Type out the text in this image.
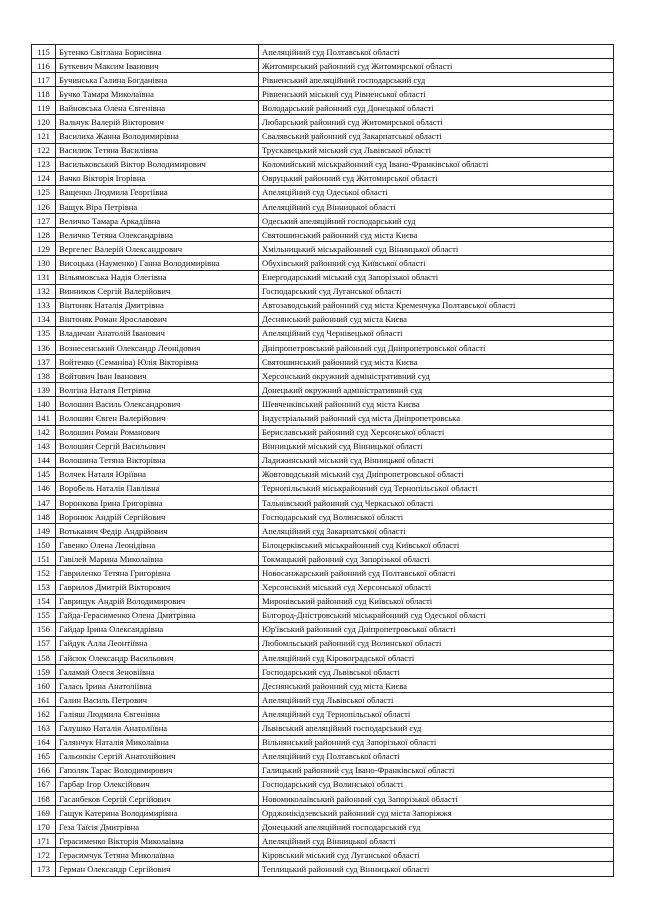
115	Бутенко Світлана Борисівна	Апеляційний суд Полтавської області
116	Буткевич Максим Іванович	Житомирський районний суд Житомирської області
117	Бучинська Галина Богданівна	Рівненський апеляційний господарський суд
118	Бучко Тамара Миколаївна	Рівненський міський суд Рівненської області
119	Вайновська Олена Євгенівна	Володарський районний суд Донецької області
120	Вальчук Валерій Вікторович	Любарський районний суд Житомирської області
121	Василиха Жанна Володимирівна	Свалявський районний суд Закарпатської області
122	Василюк Тетяна Василівна	Трускавецький міський суд Львівської області
123	Васильковський Віктор Володимирович	Коломийський міськрайонний суд Івано-Франківської області
124	Вачко Вікторія Ігорівна	Овруцький районний суд Житомирської області
125	Ващенко Людмила Георгіївна	Апеляційний суд Одеської області
126	Ващук Віра Петрівна	Апеляційний суд Вінницької області
127	Величко Тамара Аркадіївна	Одеський апеляційний господарський суд
128	Величко Тетяна Олександрівна	Святошинський районний суд міста Києва
129	Вергелес Валерій Олександрович	Хмільницький міськрайонний суд Вінницької області
130	Висоцька (Науменко) Ганна Володимирівна	Обухівський районний суд Київської області
131	Вільямовська Надія Олегівна	Енергодарський міський суд Запорізької області
132	Винников Сергій Валерійович	Господарський суд Луганської області
133	Вінтоняк Наталія Дмитрівна	Автозаводський районний суд міста Кременчука Полтавської області
134	Вінтоняк Роман Ярославович	Деснянський районний суд міста Києва
135	Владичан Анатолій Іванович	Апеляційний суд Чернівецької області
136	Вознесенський Олександр Леонідович	Дніпропетровський районний суд Дніпропетровської області
137	Войтенко (Семаніва) Юлія Вікторівна	Святошинський районний суд міста Києва
138	Войтович Іван Іванович	Херсонський окружний адміністративний суд
139	Волгіна Наталя Петрівна	Донецький окружний адміністративний суд
140	Волошин Василь Олександрович	Шевченківський районний суд міста Києва
141	Волошин Євген Валерійович	Індустріальний районний суд міста Дніпропетровська
142	Волошин Роман Романович	Бериславський районний суд Херсонської області
143	Волошин Сергій Васильович	Вінницький міський суд Вінницької області
144	Волошина Тетяна Вікторівна	Ладижинський міський суд Вінницької області
145	Волчек Наталя Юріївна	Жовтоводський міський суд Дніпропетровської області
146	Воробель Наталія Павлівна	Тернопільський міськрайонний суд Тернопільської області
147	Воронкова Ірина Григорівна	Тальнівський районний суд Черкаської області
148	Воронюк Андрій Сергійович	Господарський суд Волинської області
149	Вотьканич Федір Андрійович	Апеляційний суд Закарпатської області
150	Гавенко Олена Леонідівна	Білоцерківський міськрайонний суд Київської області
151	Гавілей Марина Миколаївна	Токмацький районний суд Запорізької області
152	Гавриленко Тетяна Григорівна	Новосанжарський районний суд Полтавської області
153	Гаврилов Дмитрій Вікторович	Херсонський міський суд Херсонської області
154	Гаврищук Андрій Володимирович	Миронівський районний суд Київської області
155	Гайда-Герасименко Олена Дмитрівна	Білгород-Дністровський міськрайонний суд Одеської області
156	Гайдар Ірина Олександрівна	Юр'ївський районний суд Дніпропетровської області
157	Гайдук Алла Леонтіївна	Любомльський районний суд Волинської області
158	Гайсюк Олександр Васильович	Апеляційний суд Кіровоградської області
159	Галамай Олеся Зеновіївна	Господарський суд Львівської області
160	Галась Ірина Анатоліївна	Деснянський районний суд міста Києва
161	Галин Василь Петрович	Апеляційний суд Львівської області
162	Галіяш Людмила Євгенівна	Апеляційний суд Тернопільської області
163	Галушко Наталія Анатоліївна	Львівський апеляційний господарський суд
164	Галянчук Наталія Миколаївна	Вільнянський районний суд Запорізької області
165	Гальонкін Сергій Анатолійович	Апеляційний суд Полтавської області
166	Гаполяк Тарас Володимирович	Галицький районний суд Івано-Франківської області
167	Гарбар Ігор Олексійович	Господарський суд Волинської області
168	Гасанбеков Сергій Сергійович	Новомиколаївський районний суд Запорізької області
169	Гащук Катерина Володимирівна	Орджонікідзевський районний суд міста Запоріжжя
170	Геза Таїсія Дмитрівна	Донецький апеляційний господарський суд
171	Герасименко Вікторія Миколаївна	Апеляційний суд Вінницької області
172	Герасимчук Тетяна Миколаївна	Кіровський міський суд Луганської області
173	Герман Олександр Сергійович	Теплицький районний суд Вінницької області
